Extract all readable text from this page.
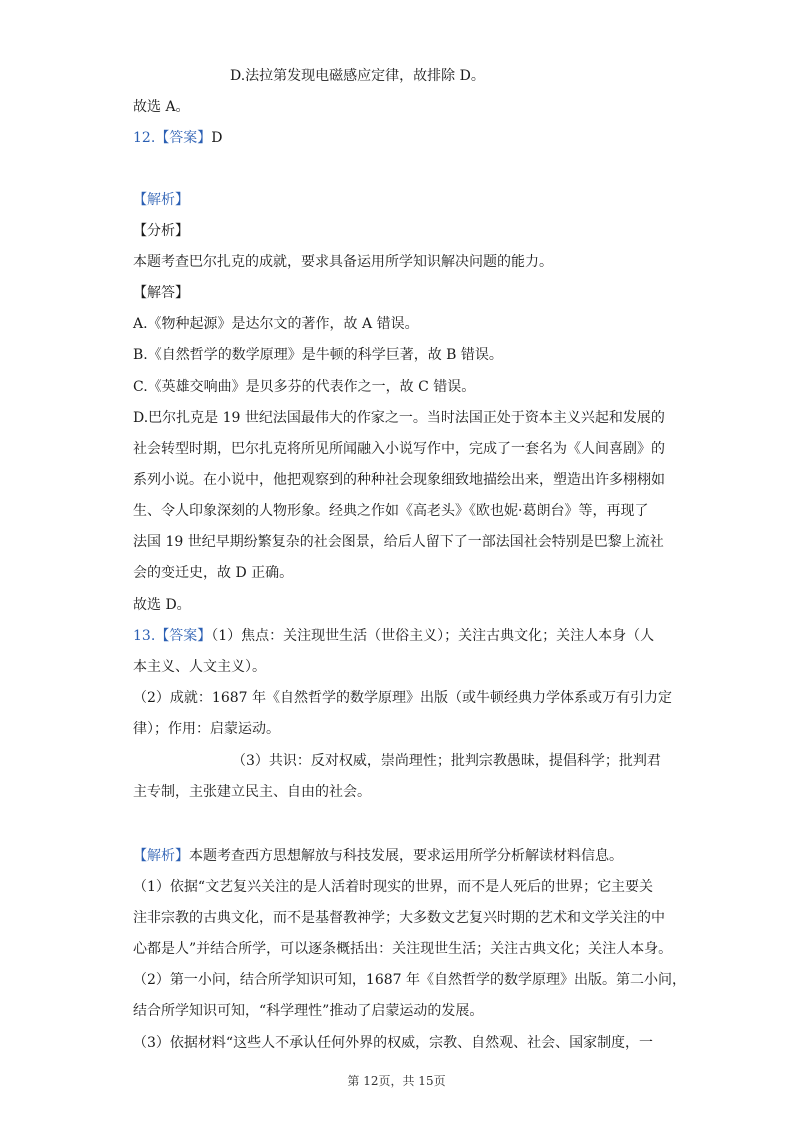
D.法拉第发现电磁感应定律，故排除 D。
故选 A。
12.【答案】D
【解析】
【分析】
本题考查巴尔扎克的成就，要求具备运用所学知识解决问题的能力。
【解答】
A.《物种起源》是达尔文的著作，故 A 错误。
B.《自然哲学的数学原理》是牛顿的科学巨著，故 B 错误。
C.《英雄交响曲》是贝多芬的代表作之一，故 C 错误。
D.巴尔扎克是 19 世纪法国最伟大的作家之一。当时法国正处于资本主义兴起和发展的
社会转型时期，巴尔扎克将所见所闻融入小说写作中，完成了一套名为《人间喜剧》的
系列小说。在小说中，他把观察到的种种社会现象细致地描绘出来，塑造出许多栩栩如
生、令人印象深刻的人物形象。经典之作如《高老头》《欧也妮·葛朗台》等，再现了
法国 19 世纪早期纷繁复杂的社会图景，给后人留下了一部法国社会特别是巴黎上流社
会的变迁史，故 D 正确。
故选 D。
13.【答案】（1）焦点：关注现世生活（世俗主义）；关注古典文化；关注人本身（人
本主义、人文主义）。
（2）成就：1687 年《自然哲学的数学原理》出版（或牛顿经典力学体系或万有引力定
律）；作用：启蒙运动。
（3）共识：反对权威，崇尚理性；批判宗教愚昧，提倡科学；批判君
主专制，主张建立民主、自由的社会。
【解析】本题考查西方思想解放与科技发展，要求运用所学分析解读材料信息。
（1）依据“文艺复兴关注的是人活着时现实的世界，而不是人死后的世界；它主要关
注非宗教的古典文化，而不是基督教神学；大多数文艺复兴时期的艺术和文学关注的中
心都是人”并结合所学，可以逐条概括出：关注现世生活；关注古典文化；关注人本身。
（2）第一小问，结合所学知识可知，1687 年《自然哲学的数学原理》出版。第二小问，
结合所学知识可知，“科学理性”推动了启蒙运动的发展。
（3）依据材料“这些人不承认任何外界的权威，宗教、自然观、社会、国家制度，一
第 12页，共 15页
